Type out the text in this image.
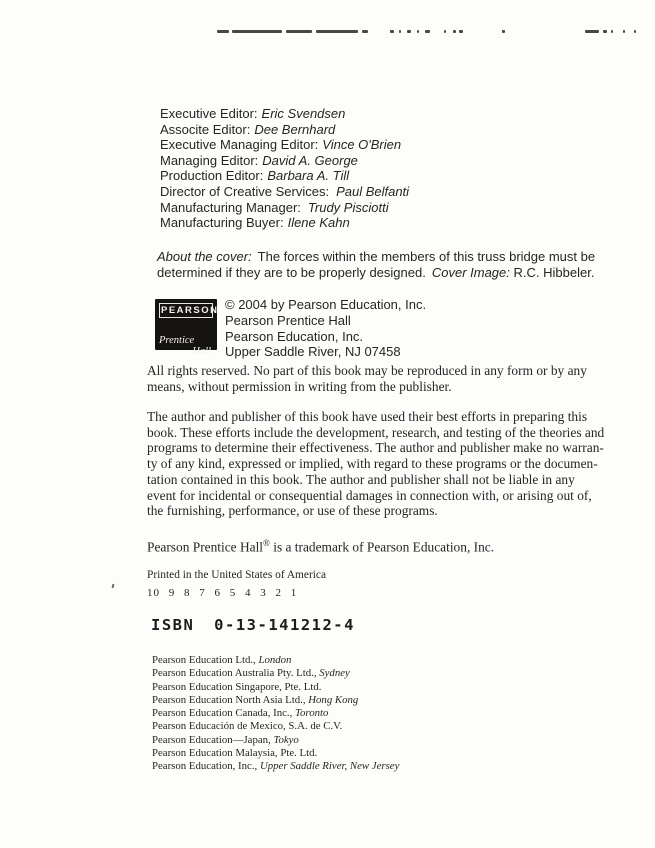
Executive Editor: Eric Svendsen
Associte Editor: Dee Bernhard
Executive Managing Editor: Vince O'Brien
Managing Editor: David A. George
Production Editor: Barbara A. Till
Director of Creative Services: Paul Belfanti
Manufacturing Manager: Trudy Pisciotti
Manufacturing Buyer: Ilene Kahn
About the cover: The forces within the members of this truss bridge must be
determined if they are to be properly designed. Cover Image: R.C. Hibbeler.
PEARSON
Prentice
Hall
© 2004 by Pearson Education, Inc.
Pearson Prentice Hall
Pearson Education, Inc.
Upper Saddle River, NJ 07458
All rights reserved. No part of this book may be reproduced in any form or by any
means, without permission in writing from the publisher.
The author and publisher of this book have used their best efforts in preparing this
book. These efforts include the development, research, and testing of the theories and
programs to determine their effectiveness. The author and publisher make no warran-
ty of any kind, expressed or implied, with regard to these programs or the documen-
tation contained in this book. The author and publisher shall not be liable in any
event for incidental or consequential damages in connection with, or arising out of,
the furnishing, performance, or use of these programs.
Pearson Prentice Hall® is a trademark of Pearson Education, Inc.
Printed in the United States of America
10 9 8 7 6 5 4 3 2 1
ISBN 0-13-141212-4
Pearson Education Ltd., London
Pearson Education Australia Pty. Ltd., Sydney
Pearson Education Singapore, Pte. Ltd.
Pearson Education North Asia Ltd., Hong Kong
Pearson Education Canada, Inc., Toronto
Pearson Educación de Mexico, S.A. de C.V.
Pearson Education—Japan, Tokyo
Pearson Education Malaysia, Pte. Ltd.
Pearson Education, Inc., Upper Saddle River, New Jersey
